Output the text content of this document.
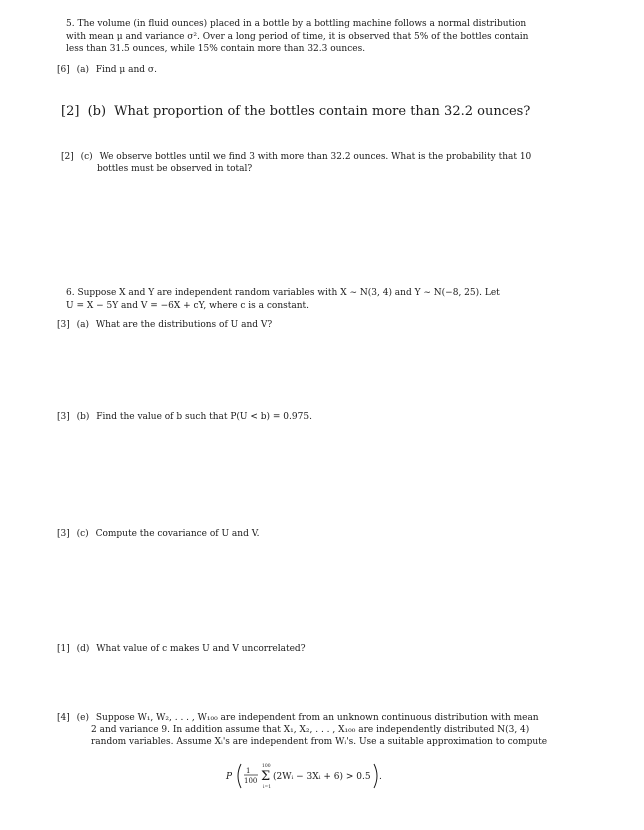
5. The volume (in fluid ounces) placed in a bottle by a bottling machine follows a normal distribution
with mean μ and variance σ². Over a long period of time, it is observed that 5% of the bottles contain
less than 31.5 ounces, while 15% contain more than 32.3 ounces.
[6] (a) Find μ and σ.
[2] (b) What proportion of the bottles contain more than 32.2 ounces?
[2] (c) We observe bottles until we find 3 with more than 32.2 ounces. What is the probability that 10
bottles must be observed in total?
6. Suppose X and Y are independent random variables with X ∼ N(3, 4) and Y ∼ N(−8, 25). Let
U = X − 5Y and V = −6X + cY, where c is a constant.
[3] (a) What are the distributions of U and V?
[3] (b) Find the value of b such that P(U < b) = 0.975.
[3] (c) Compute the covariance of U and V.
[1] (d) What value of c makes U and V uncorrelated?
[4] (e) Suppose W₁, W₂, . . . , W₁₀₀ are independent from an unknown continuous distribution with mean
2 and variance 9. In addition assume that X₁, X₂, . . . , X₁₀₀ are independently distributed N(3, 4)
random variables. Assume Xᵢ's are independent from Wᵢ's. Use a suitable approximation to compute
P
1
100
100
Σ
i=1
(2Wᵢ − 3Xᵢ + 6) > 0.5 .
